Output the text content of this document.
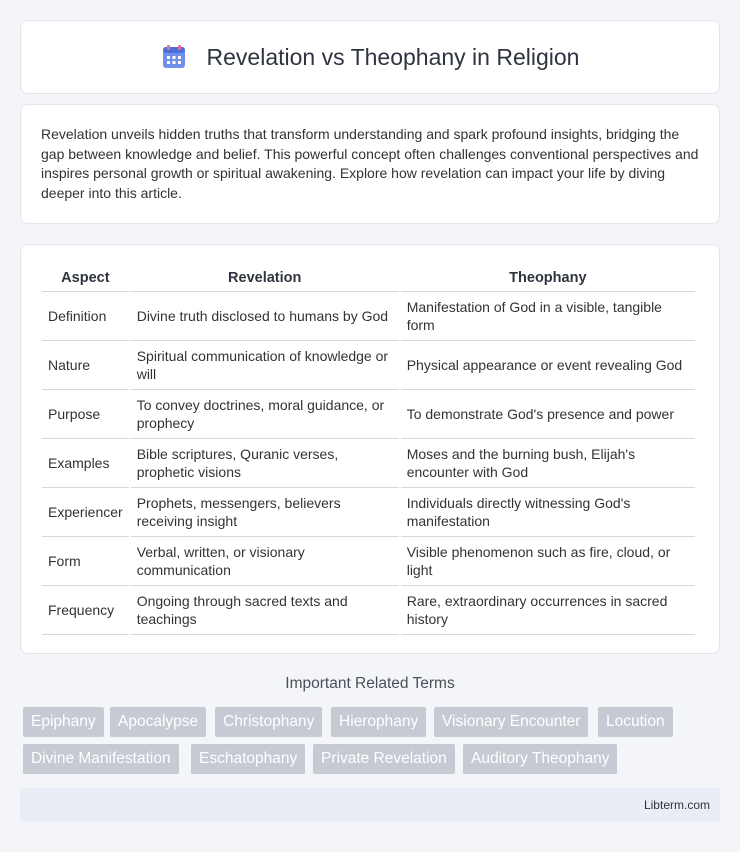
Revelation vs Theophany in Religion

Revelation unveils hidden truths that transform understanding and spark profound insights, bridging the gap between knowledge and belief. This powerful concept often challenges conventional perspectives and inspires personal growth or spiritual awakening. Explore how revelation can impact your life by diving deeper into this article.

Aspect	Revelation	Theophany
Definition	Divine truth disclosed to humans by God	Manifestation of God in a visible, tangible form
Nature	Spiritual communication of knowledge or will	Physical appearance or event revealing God
Purpose	To convey doctrines, moral guidance, or prophecy	To demonstrate God's presence and power
Examples	Bible scriptures, Quranic verses, prophetic visions	Moses and the burning bush, Elijah's encounter with God
Experiencer	Prophets, messengers, believers receiving insight	Individuals directly witnessing God's manifestation
Form	Verbal, written, or visionary communication	Visible phenomenon such as fire, cloud, or light
Frequency	Ongoing through sacred texts and teachings	Rare, extraordinary occurrences in sacred history
Important Related Terms
Epiphany	Apocalypse	Christophany	Hierophany	Visionary Encounter	Locution
Divine Manifestation	Eschatophany	Private Revelation	Auditory Theophany
Libterm.com
